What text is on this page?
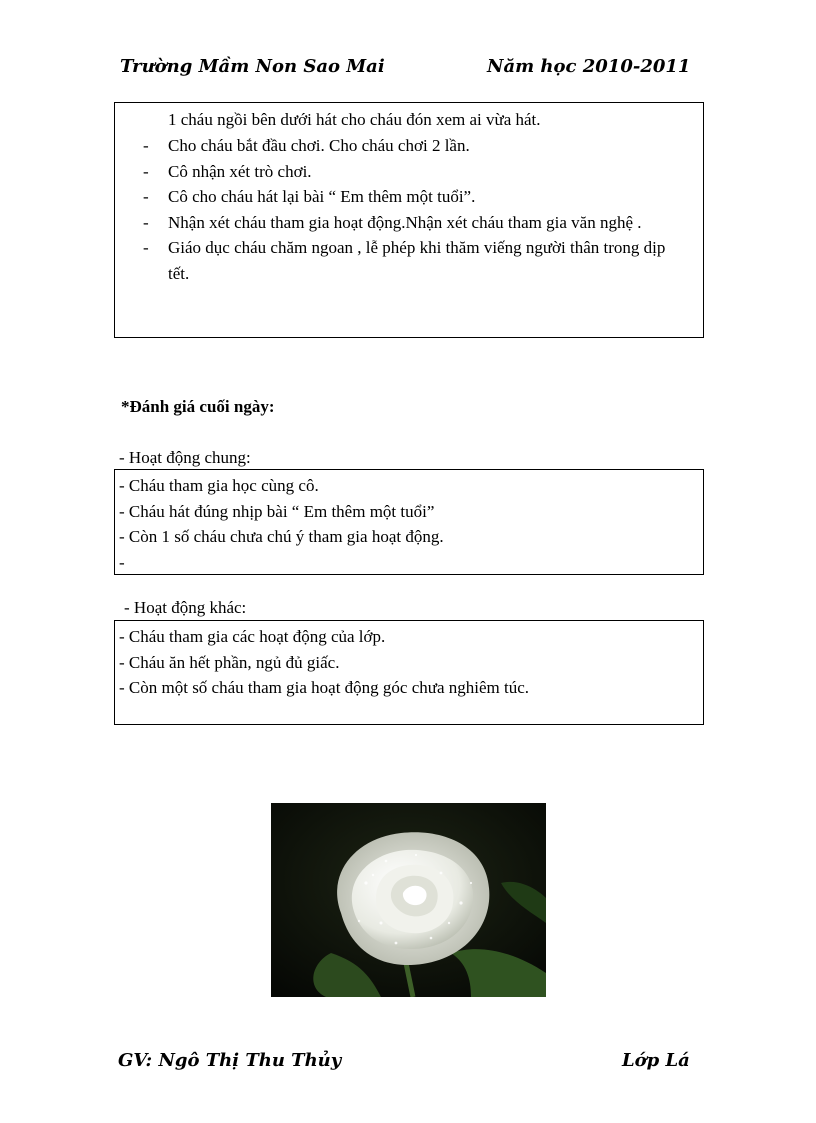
Trường Mầm Non Sao Mai	Năm học 2010-2011
1 cháu ngồi bên dưới hát cho cháu đón xem ai vừa hát.
- Cho cháu bắt đầu chơi. Cho cháu chơi 2 lần.
- Cô nhận xét trò chơi.
- Cô cho cháu hát lại bài “ Em thêm một tuổi”.
- Nhận xét cháu tham gia hoạt động.Nhận xét cháu tham gia văn nghệ .
- Giáo dục cháu chăm ngoan , lễ phép khi thăm viếng người thân trong dịp tết.
*Đánh giá cuối ngày:
- Hoạt động chung:
- Cháu tham gia học cùng cô.
- Cháu hát đúng nhịp bài “ Em thêm một tuổi”
- Còn 1 số cháu chưa chú ý tham gia hoạt động.
-
- Hoạt động khác:
- Cháu tham gia các hoạt động của lớp.
- Cháu ăn hết phần, ngủ đủ giấc.
- Còn một số cháu tham gia hoạt động góc chưa nghiêm túc.
GV: Ngô Thị Thu Thủy	Lớp Lá
